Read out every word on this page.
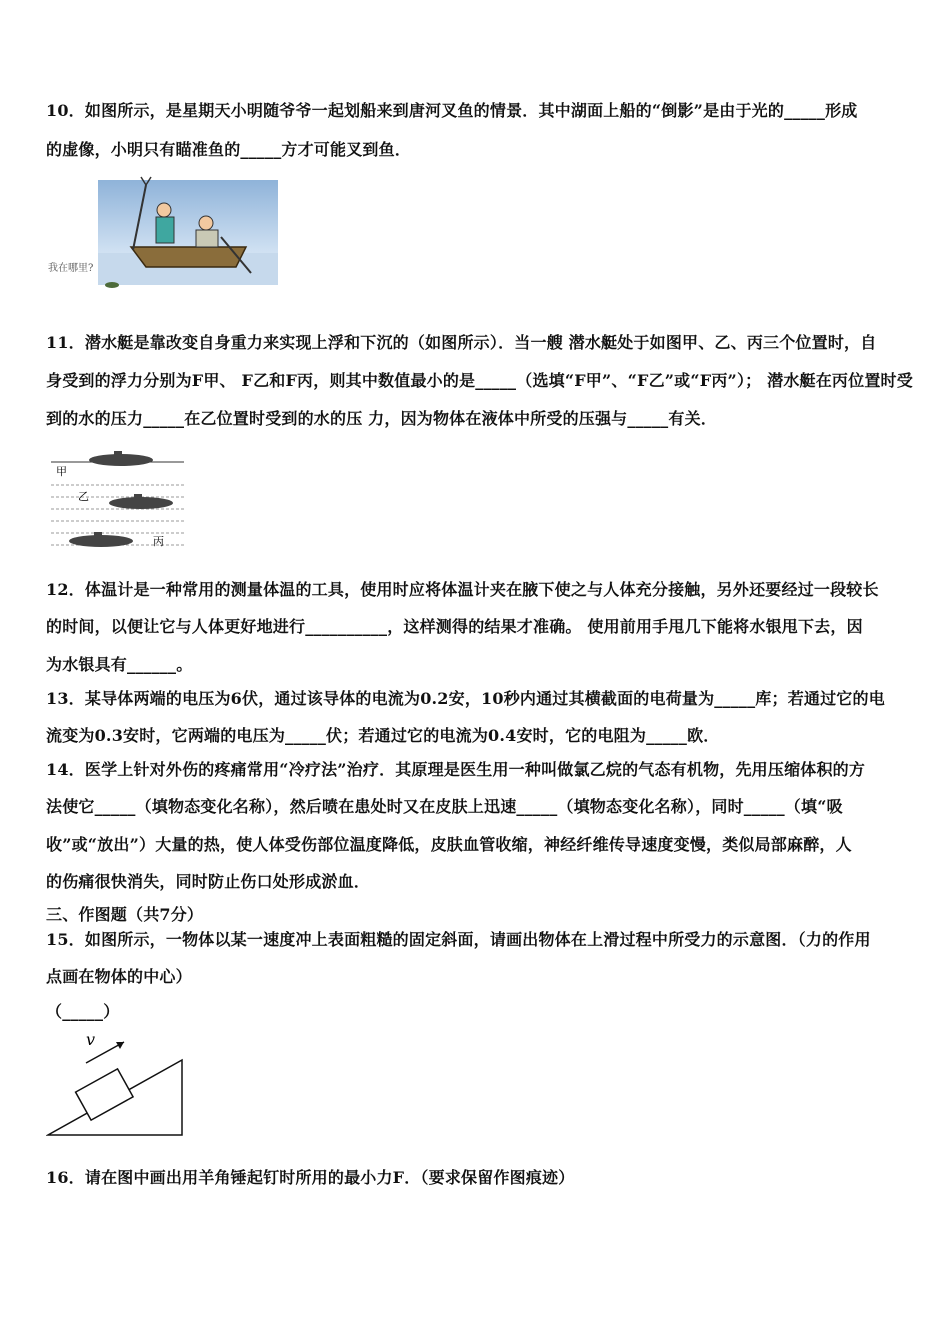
10．如图所示，是星期天小明随爷爷一起划船来到唐河叉鱼的情景．其中湖面上船的“倒影”是由于光的_____形成
的虚像，小明只有瞄准鱼的_____方才可能叉到鱼．
我在哪里?
11．潜水艇是靠改变自身重力来实现上浮和下沉的（如图所示）．当一艘 潜水艇处于如图甲、乙、丙三个位置时，自
身受到的浮力分别为F甲、 F乙和F丙，则其中数值最小的是_____（选填“F甲”、“F乙”或“F丙”）； 潜水艇在丙位置时受
到的水的压力_____在乙位置时受到的水的压 力，因为物体在液体中所受的压强与_____有关．
甲
乙
丙
12．体温计是一种常用的测量体温的工具，使用时应将体温计夹在腋下使之与人体充分接触，另外还要经过一段较长
的时间，以便让它与人体更好地进行__________，这样测得的结果才准确。 使用前用手甩几下能将水银甩下去，因
为水银具有______。
13．某导体两端的电压为6伏，通过该导体的电流为0.2安，10秒内通过其横截面的电荷量为_____库；若通过它的电
流变为0.3安时，它两端的电压为_____伏；若通过它的电流为0.4安时，它的电阻为_____欧．
14．医学上针对外伤的疼痛常用“冷疗法”治疗．其原理是医生用一种叫做氯乙烷的气态有机物，先用压缩体积的方
法使它_____（填物态变化名称），然后喷在患处时又在皮肤上迅速_____（填物态变化名称），同时_____（填“吸
收”或“放出”）大量的热，使人体受伤部位温度降低，皮肤血管收缩，神经纤维传导速度变慢，类似局部麻醉，人
的伤痛很快消失，同时防止伤口处形成淤血．
三、作图题（共7分）
15．如图所示，一物体以某一速度冲上表面粗糙的固定斜面，请画出物体在上滑过程中所受力的示意图．（力的作用
点画在物体的中心）
（_____）
v
16．请在图中画出用羊角锤起钉时所用的最小力F．（要求保留作图痕迹）
